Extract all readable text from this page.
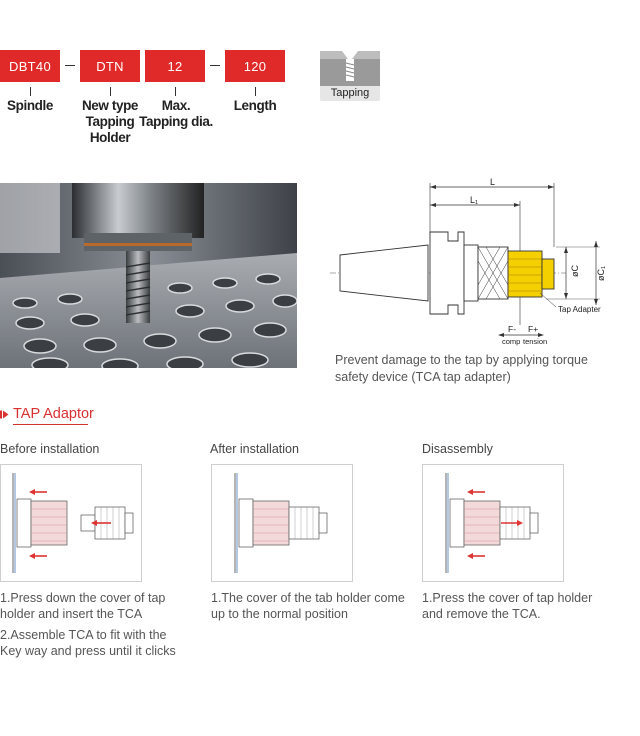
DBT40	DTN	12	120
Spindle	New type
Tapping
Holder
Max.
Tapping dia.
Length
Tapping
L
L₁
øC øC₁
Tap Adapter
F- F+
comp tension
Prevent damage to the tap by applying torque safety device (TCA tap adapter)
TAP Adaptor
Before installation
1.Press down the cover of tap holder and insert the TCA
2.Assemble TCA to fit with the Key way and press until it clicks
After installation
1.The cover of the tab holder come up to the normal position
Disassembly
1.Press the cover of tap holder and remove the TCA.
